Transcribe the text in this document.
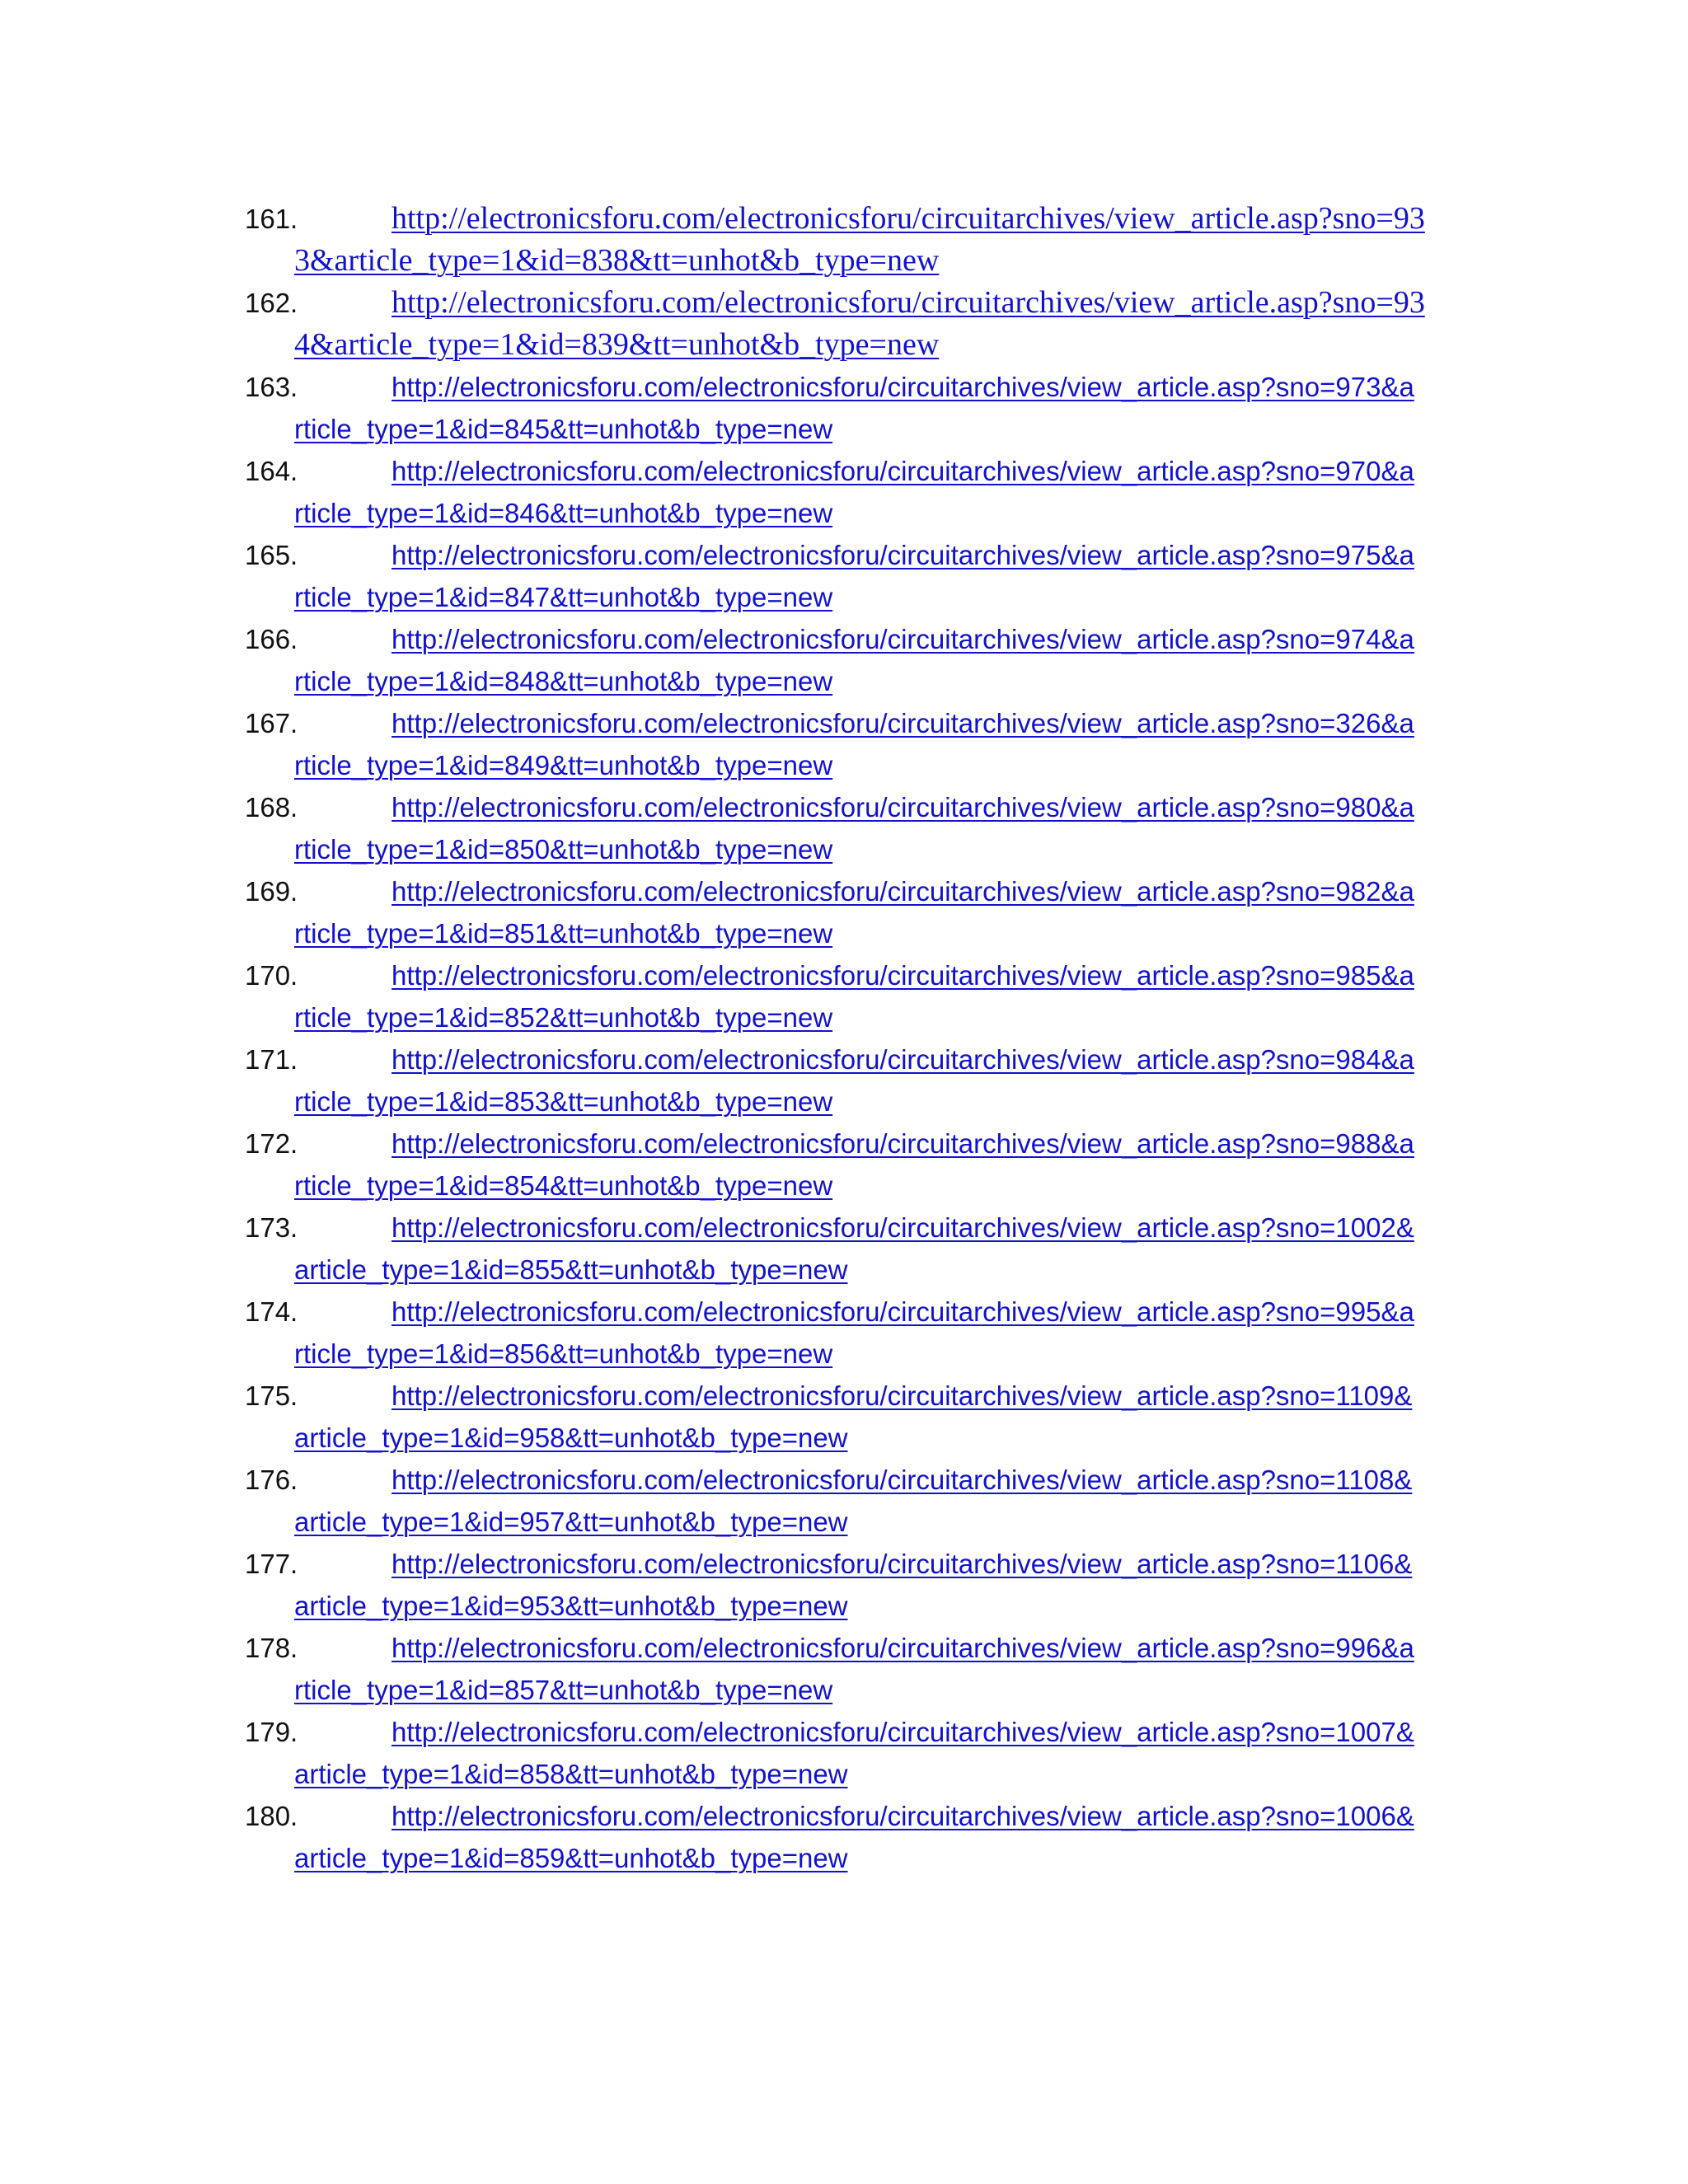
161.	http://electronicsforu.com/electronicsforu/circuitarchives/view_article.asp?sno=93
3&article_type=1&id=838&tt=unhot&b_type=new
162.	http://electronicsforu.com/electronicsforu/circuitarchives/view_article.asp?sno=93
4&article_type=1&id=839&tt=unhot&b_type=new
163.	http://electronicsforu.com/electronicsforu/circuitarchives/view_article.asp?sno=973&a
rticle_type=1&id=845&tt=unhot&b_type=new
164.	http://electronicsforu.com/electronicsforu/circuitarchives/view_article.asp?sno=970&a
rticle_type=1&id=846&tt=unhot&b_type=new
165.	http://electronicsforu.com/electronicsforu/circuitarchives/view_article.asp?sno=975&a
rticle_type=1&id=847&tt=unhot&b_type=new
166.	http://electronicsforu.com/electronicsforu/circuitarchives/view_article.asp?sno=974&a
rticle_type=1&id=848&tt=unhot&b_type=new
167.	http://electronicsforu.com/electronicsforu/circuitarchives/view_article.asp?sno=326&a
rticle_type=1&id=849&tt=unhot&b_type=new
168.	http://electronicsforu.com/electronicsforu/circuitarchives/view_article.asp?sno=980&a
rticle_type=1&id=850&tt=unhot&b_type=new
169.	http://electronicsforu.com/electronicsforu/circuitarchives/view_article.asp?sno=982&a
rticle_type=1&id=851&tt=unhot&b_type=new
170.	http://electronicsforu.com/electronicsforu/circuitarchives/view_article.asp?sno=985&a
rticle_type=1&id=852&tt=unhot&b_type=new
171.	http://electronicsforu.com/electronicsforu/circuitarchives/view_article.asp?sno=984&a
rticle_type=1&id=853&tt=unhot&b_type=new
172.	http://electronicsforu.com/electronicsforu/circuitarchives/view_article.asp?sno=988&a
rticle_type=1&id=854&tt=unhot&b_type=new
173.	http://electronicsforu.com/electronicsforu/circuitarchives/view_article.asp?sno=1002&
article_type=1&id=855&tt=unhot&b_type=new
174.	http://electronicsforu.com/electronicsforu/circuitarchives/view_article.asp?sno=995&a
rticle_type=1&id=856&tt=unhot&b_type=new
175.	http://electronicsforu.com/electronicsforu/circuitarchives/view_article.asp?sno=1109&
article_type=1&id=958&tt=unhot&b_type=new
176.	http://electronicsforu.com/electronicsforu/circuitarchives/view_article.asp?sno=1108&
article_type=1&id=957&tt=unhot&b_type=new
177.	http://electronicsforu.com/electronicsforu/circuitarchives/view_article.asp?sno=1106&
article_type=1&id=953&tt=unhot&b_type=new
178.	http://electronicsforu.com/electronicsforu/circuitarchives/view_article.asp?sno=996&a
rticle_type=1&id=857&tt=unhot&b_type=new
179.	http://electronicsforu.com/electronicsforu/circuitarchives/view_article.asp?sno=1007&
article_type=1&id=858&tt=unhot&b_type=new
180.	http://electronicsforu.com/electronicsforu/circuitarchives/view_article.asp?sno=1006&
article_type=1&id=859&tt=unhot&b_type=new
